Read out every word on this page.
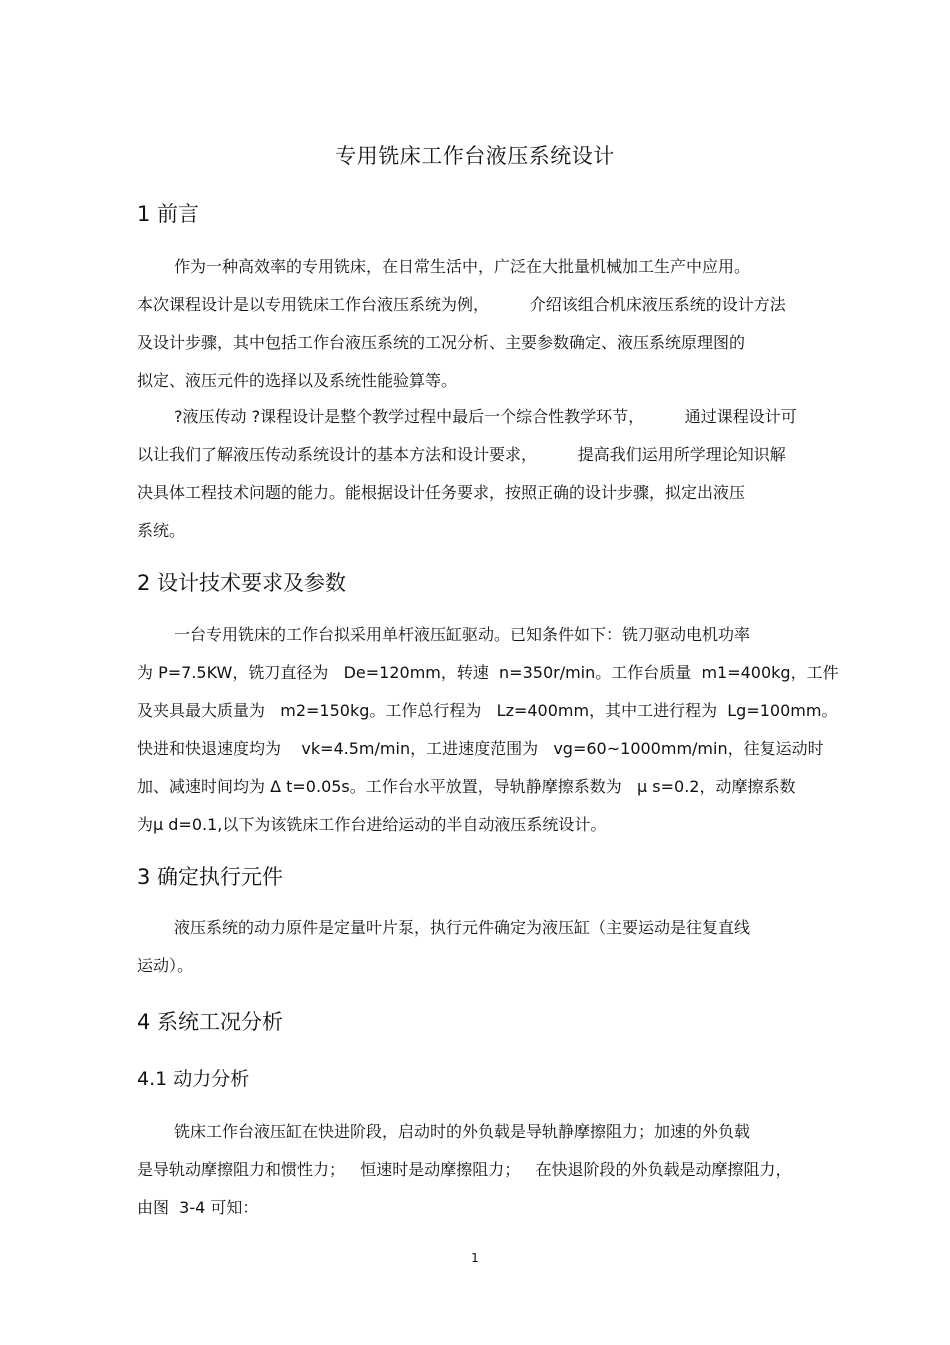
专用铣床工作台液压系统设计
1 前言
作为一种高效率的专用铣床，在日常生活中，广泛在大批量机械加工生产中应用。
本次课程设计是以专用铣床工作台液压系统为例，        介绍该组合机床液压系统的设计方法
及设计步骤，其中包括工作台液压系统的工况分析、主要参数确定、液压系统原理图的
拟定、液压元件的选择以及系统性能验算等。
?液压传动 ?课程设计是整个教学过程中最后一个综合性教学环节，        通过课程设计可
以让我们了解液压传动系统设计的基本方法和设计要求，        提高我们运用所学理论知识解
决具体工程技术问题的能力。能根据设计任务要求，按照正确的设计步骤，拟定出液压
系统。
2 设计技术要求及参数
一台专用铣床的工作台拟采用单杆液压缸驱动。已知条件如下：铣刀驱动电机功率
为 P=7.5KW，铣刀直径为   De=120mm，转速  n=350r/min。工作台质量  m1=400kg，工件
及夹具最大质量为   m2=150kg。工作总行程为   Lz=400mm，其中工进行程为  Lg=100mm。
快进和快退速度均为    vk=4.5m/min，工进速度范围为   vg=60~1000mm/min，往复运动时
加、减速时间均为 Δ t=0.05s。工作台水平放置，导轨静摩擦系数为   μ s=0.2，动摩擦系数
为μ d=0.1,以下为该铣床工作台进给运动的半自动液压系统设计。
3 确定执行元件
液压系统的动力原件是定量叶片泵，执行元件确定为液压缸（主要运动是往复直线
运动）。
4 系统工况分析
4.1 动力分析
铣床工作台液压缸在快进阶段，启动时的外负载是导轨静摩擦阻力；加速的外负载
是导轨动摩擦阻力和惯性力；   恒速时是动摩擦阻力；   在快退阶段的外负载是动摩擦阻力，
由图  3-4 可知：
1
